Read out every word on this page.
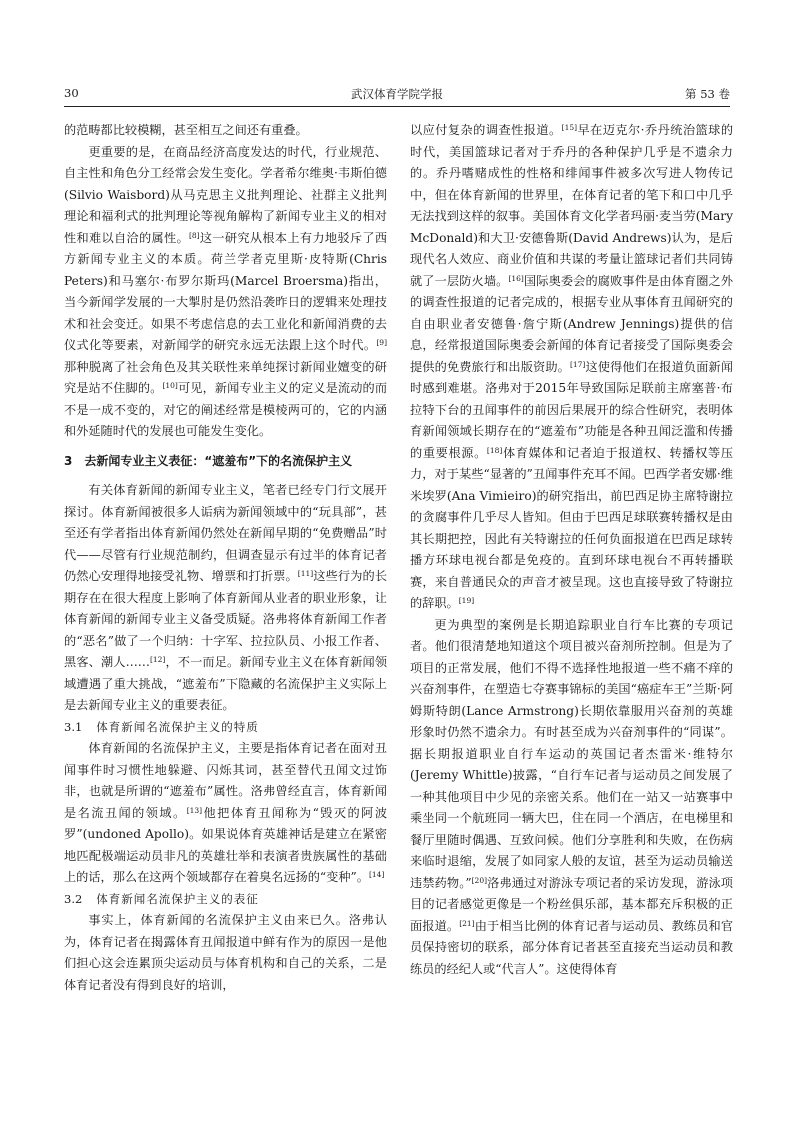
30	武汉体育学院学报	第 53 卷

的范畴都比较模糊，甚至相互之间还有重叠。

更重要的是，在商品经济高度发达的时代，行业规范、自主性和角色分工经常会发生变化。学者希尔维奥·韦斯伯德(Silvio Waisbord)从马克思主义批判理论、社群主义批判理论和福利式的批判理论等视角解构了新闻专业主义的相对性和难以自洽的属性。[8]这一研究从根本上有力地驳斥了西方新闻专业主义的本质。荷兰学者克里斯·皮特斯(Chris Peters)和马塞尔·布罗尔斯玛(Marcel Broersma)指出，当今新闻学发展的一大掣肘是仍然沿袭昨日的逻辑来处理技术和社会变迁。如果不考虑信息的去工业化和新闻消费的去仪式化等要素，对新闻学的研究永远无法跟上这个时代。[9]那种脱离了社会角色及其关联性来单纯探讨新闻业嬗变的研究是站不住脚的。[10]可见，新闻专业主义的定义是流动的而不是一成不变的，对它的阐述经常是模棱两可的，它的内涵和外延随时代的发展也可能发生变化。

3　去新闻专业主义表征：“遮羞布”下的名流保护主义

有关体育新闻的新闻专业主义，笔者已经专门行文展开探讨。体育新闻被很多人诟病为新闻领域中的“玩具部”，甚至还有学者指出体育新闻仍然处在新闻早期的“免费赠品”时代——尽管有行业规范制约，但调查显示有过半的体育记者仍然心安理得地接受礼物、增票和打折票。[11]这些行为的长期存在在很大程度上影响了体育新闻从业者的职业形象，让体育新闻的新闻专业主义备受质疑。洛弗将体育新闻工作者的“恶名”做了一个归纳：十字军、拉拉队员、小报工作者、黑客、潮人……[12]，不一而足。新闻专业主义在体育新闻领域遭遇了重大挑战，“遮羞布”下隐藏的名流保护主义实际上是去新闻专业主义的重要表征。

3.1 体育新闻名流保护主义的特质

体育新闻的名流保护主义，主要是指体育记者在面对丑闻事件时习惯性地躲避、闪烁其词，甚至替代丑闻文过饰非，也就是所谓的“遮羞布”属性。洛弗曾经直言，体育新闻是名流丑闻的领域。[13]他把体育丑闻称为“毁灭的阿波罗”(undoned Apollo)。如果说体育英雄神话是建立在紧密地匹配极端运动员非凡的英雄壮举和表演者贵族属性的基础上的话，那么在这两个领域都存在着臭名远扬的“变种”。[14]

3.2 体育新闻名流保护主义的表征

事实上，体育新闻的名流保护主义由来已久。洛弗认为，体育记者在揭露体育丑闻报道中鲜有作为的原因一是他们担心这会连累顶尖运动员与体育机构和自己的关系，二是体育记者没有得到良好的培训，

以应付复杂的调查性报道。[15]早在迈克尔·乔丹统治篮球的时代，美国篮球记者对于乔丹的各种保护几乎是不遗余力的。乔丹嗜赌成性的性格和绯闻事件被多次写进人物传记中，但在体育新闻的世界里，在体育记者的笔下和口中几乎无法找到这样的叙事。美国体育文化学者玛丽·麦当劳(Mary McDonald)和大卫·安德鲁斯(David Andrews)认为，是后现代名人效应、商业价值和共谋的考量让篮球记者们共同铸就了一层防火墙。[16]国际奥委会的腐败事件是由体育圈之外的调查性报道的记者完成的，根据专业从事体育丑闻研究的自由职业者安德鲁·詹宁斯(Andrew Jennings)提供的信息，经常报道国际奥委会新闻的体育记者接受了国际奥委会提供的免费旅行和出版资助。[17]这使得他们在报道负面新闻时感到难堪。洛弗对于2015年导致国际足联前主席塞普·布拉特下台的丑闻事件的前因后果展开的综合性研究，表明体育新闻领域长期存在的“遮羞布”功能是各种丑闻泛滥和传播的重要根源。[18]体育媒体和记者迫于报道权、转播权等压力，对于某些“显著的”丑闻事件充耳不闻。巴西学者安娜·维米埃罗(Ana Vimieiro)的研究指出，前巴西足协主席特谢拉的贪腐事件几乎尽人皆知。但由于巴西足球联赛转播权是由其长期把控，因此有关特谢拉的任何负面报道在巴西足球转播方环球电视台都是免疫的。直到环球电视台不再转播联赛，来自普通民众的声音才被呈现。这也直接导致了特谢拉的辞职。[19]

更为典型的案例是长期追踪职业自行车比赛的专项记者。他们很清楚地知道这个项目被兴奋剂所控制。但是为了项目的正常发展，他们不得不选择性地报道一些不痛不痒的兴奋剂事件，在塑造七夺赛事锦标的美国“癌症车王”兰斯·阿姆斯特朗(Lance Armstrong)长期依靠服用兴奋剂的英雄形象时仍然不遗余力。有时甚至成为兴奋剂事件的“同谋”。据长期报道职业自行车运动的英国记者杰雷米·维特尔(Jeremy Whittle)披露，“自行车记者与运动员之间发展了一种其他项目中少见的亲密关系。他们在一站又一站赛事中乘坐同一个航班同一辆大巴，住在同一个酒店，在电梯里和餐厅里随时偶遇、互致问候。他们分享胜利和失败，在伤病来临时退缩，发展了如同家人般的友谊，甚至为运动员输送违禁药物。”[20]洛弗通过对游泳专项记者的采访发现，游泳项目的记者感觉更像是一个粉丝俱乐部，基本都充斥积极的正面报道。[21]由于相当比例的体育记者与运动员、教练员和官员保持密切的联系，部分体育记者甚至直接充当运动员和教练员的经纪人或“代言人”。这使得体育
